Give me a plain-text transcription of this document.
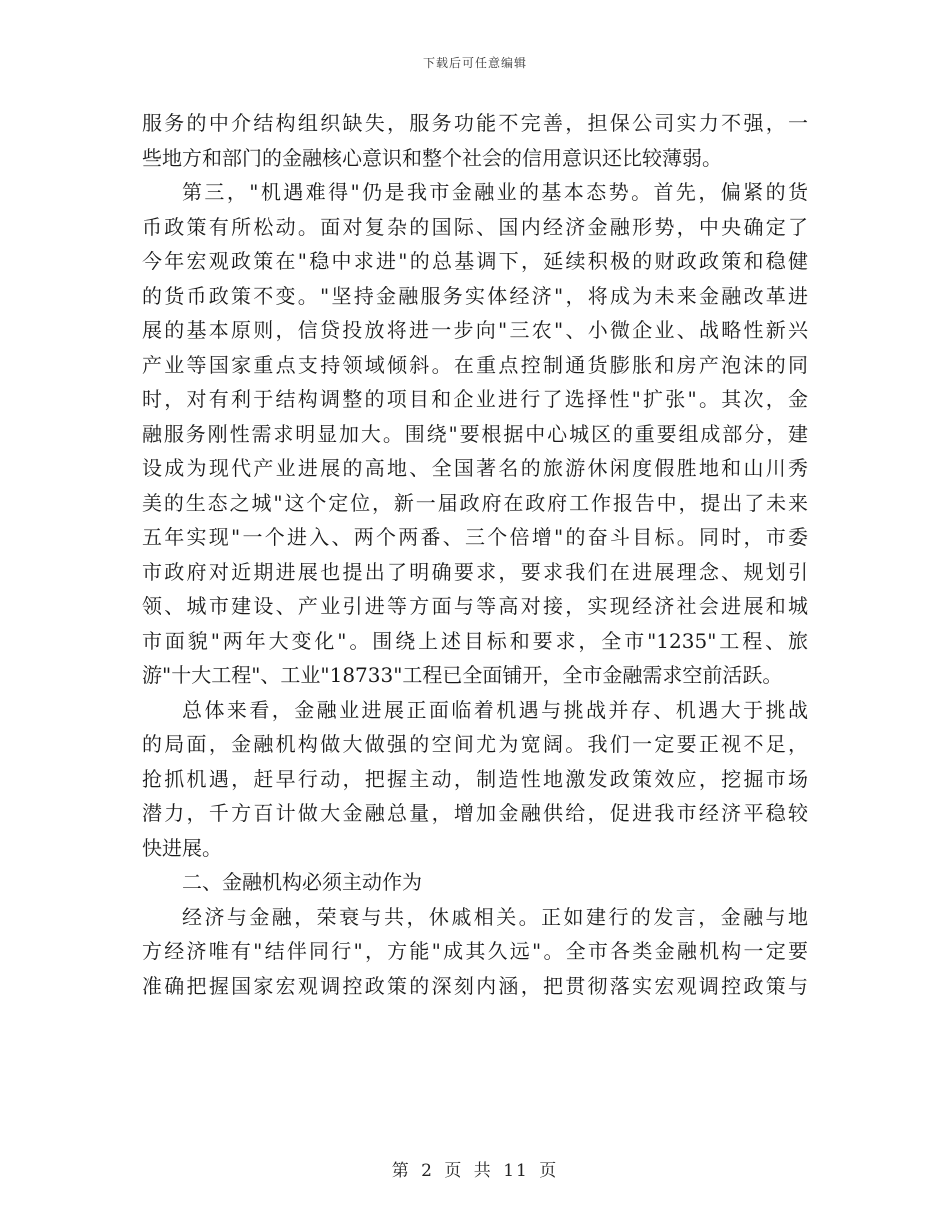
下载后可任意编辑
服务的中介结构组织缺失，服务功能不完善，担保公司实力不强，一
些地方和部门的金融核心意识和整个社会的信用意识还比较薄弱。
第三，"机遇难得"仍是我市金融业的基本态势。首先，偏紧的货
币政策有所松动。面对复杂的国际、国内经济金融形势，中央确定了
今年宏观政策在"稳中求进"的总基调下，延续积极的财政政策和稳健
的货币政策不变。"坚持金融服务实体经济"，将成为未来金融改革进
展的基本原则，信贷投放将进一步向"三农"、小微企业、战略性新兴
产业等国家重点支持领域倾斜。在重点控制通货膨胀和房产泡沫的同
时，对有利于结构调整的项目和企业进行了选择性"扩张"。其次，金
融服务刚性需求明显加大。围绕"要根据中心城区的重要组成部分，建
设成为现代产业进展的高地、全国著名的旅游休闲度假胜地和山川秀
美的生态之城"这个定位，新一届政府在政府工作报告中，提出了未来
五年实现"一个进入、两个两番、三个倍增"的奋斗目标。同时，市委
市政府对近期进展也提出了明确要求，要求我们在进展理念、规划引
领、城市建设、产业引进等方面与等高对接，实现经济社会进展和城
市面貌"两年大变化"。围绕上述目标和要求，全市"1235"工程、旅
游"十大工程"、工业"18733"工程已全面铺开，全市金融需求空前活跃。
总体来看，金融业进展正面临着机遇与挑战并存、机遇大于挑战
的局面，金融机构做大做强的空间尤为宽阔。我们一定要正视不足，
抢抓机遇，赶早行动，把握主动，制造性地激发政策效应，挖掘市场
潜力，千方百计做大金融总量，增加金融供给，促进我市经济平稳较
快进展。
二、金融机构必须主动作为
经济与金融，荣衰与共，休戚相关。正如建行的发言，金融与地
方经济唯有"结伴同行"，方能"成其久远"。全市各类金融机构一定要
准确把握国家宏观调控政策的深刻内涵，把贯彻落实宏观调控政策与
第 2 页 共 11 页
